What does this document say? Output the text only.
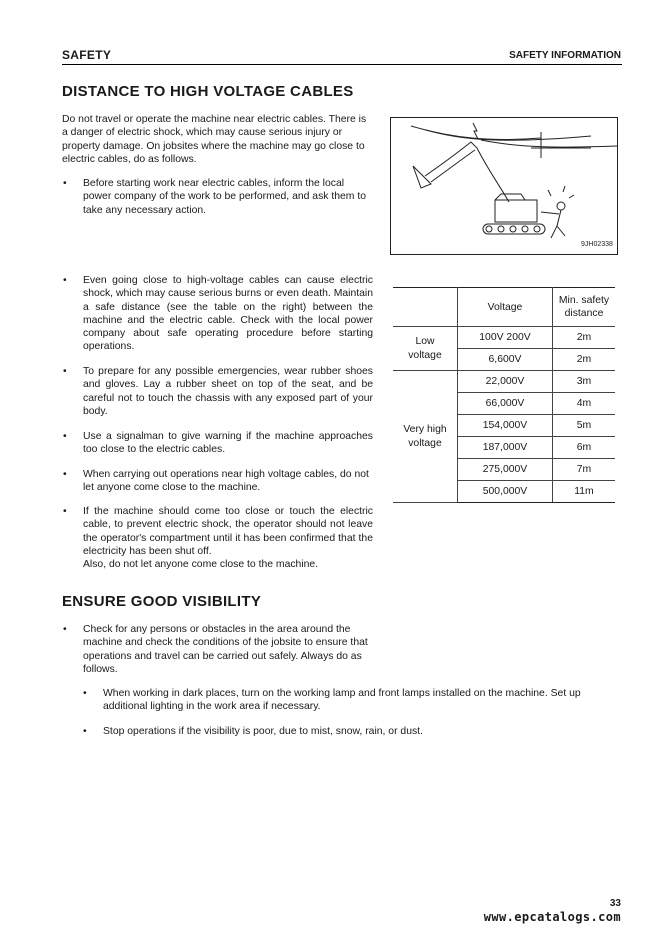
SAFETY	SAFETY INFORMATION
DISTANCE TO HIGH VOLTAGE CABLES
Do not travel or operate the machine near electric cables. There is a danger of electric shock, which may cause serious injury or property damage. On jobsites where the machine may go close to electric cables, do as follows.
• Before starting work near electric cables, inform the local power company of the work to be performed, and ask them to take any necessary action.
9JH02338
• Even going close to high-voltage cables can cause electric shock, which may cause serious burns or even death. Maintain a safe distance (see the table on the right) between the machine and the electric cable. Check with the local power company about safe operating procedure before starting operations.
• To prepare for any possible emergencies, wear rubber shoes and gloves. Lay a rubber sheet on top of the seat, and be careful not to touch the chassis with any exposed part of your body.
• Use a signalman to give warning if the machine approaches too close to the electric cables.
• When carrying out operations near high voltage cables, do not let anyone come close to the machine.
• If the machine should come too close or touch the electric cable, to prevent electric shock, the operator should not leave the operator's compartment until it has been confirmed that the electricity has been shut off.
Also, do not let anyone come close to the machine.
	Voltage	Min. safety distance
Low voltage	100V 200V	2m
	6,600V	2m
Very high voltage	22,000V	3m
	66,000V	4m
	154,000V	5m
	187,000V	6m
	275,000V	7m
	500,000V	11m
ENSURE GOOD VISIBILITY
• Check for any persons or obstacles in the area around the machine and check the conditions of the jobsite to ensure that operations and travel can be carried out safely. Always do as follows.
• When working in dark places, turn on the working lamp and front lamps installed on the machine. Set up additional lighting in the work area if necessary.
• Stop operations if the visibility is poor, due to mist, snow, rain, or dust.
33
www.epcatalogs.com
